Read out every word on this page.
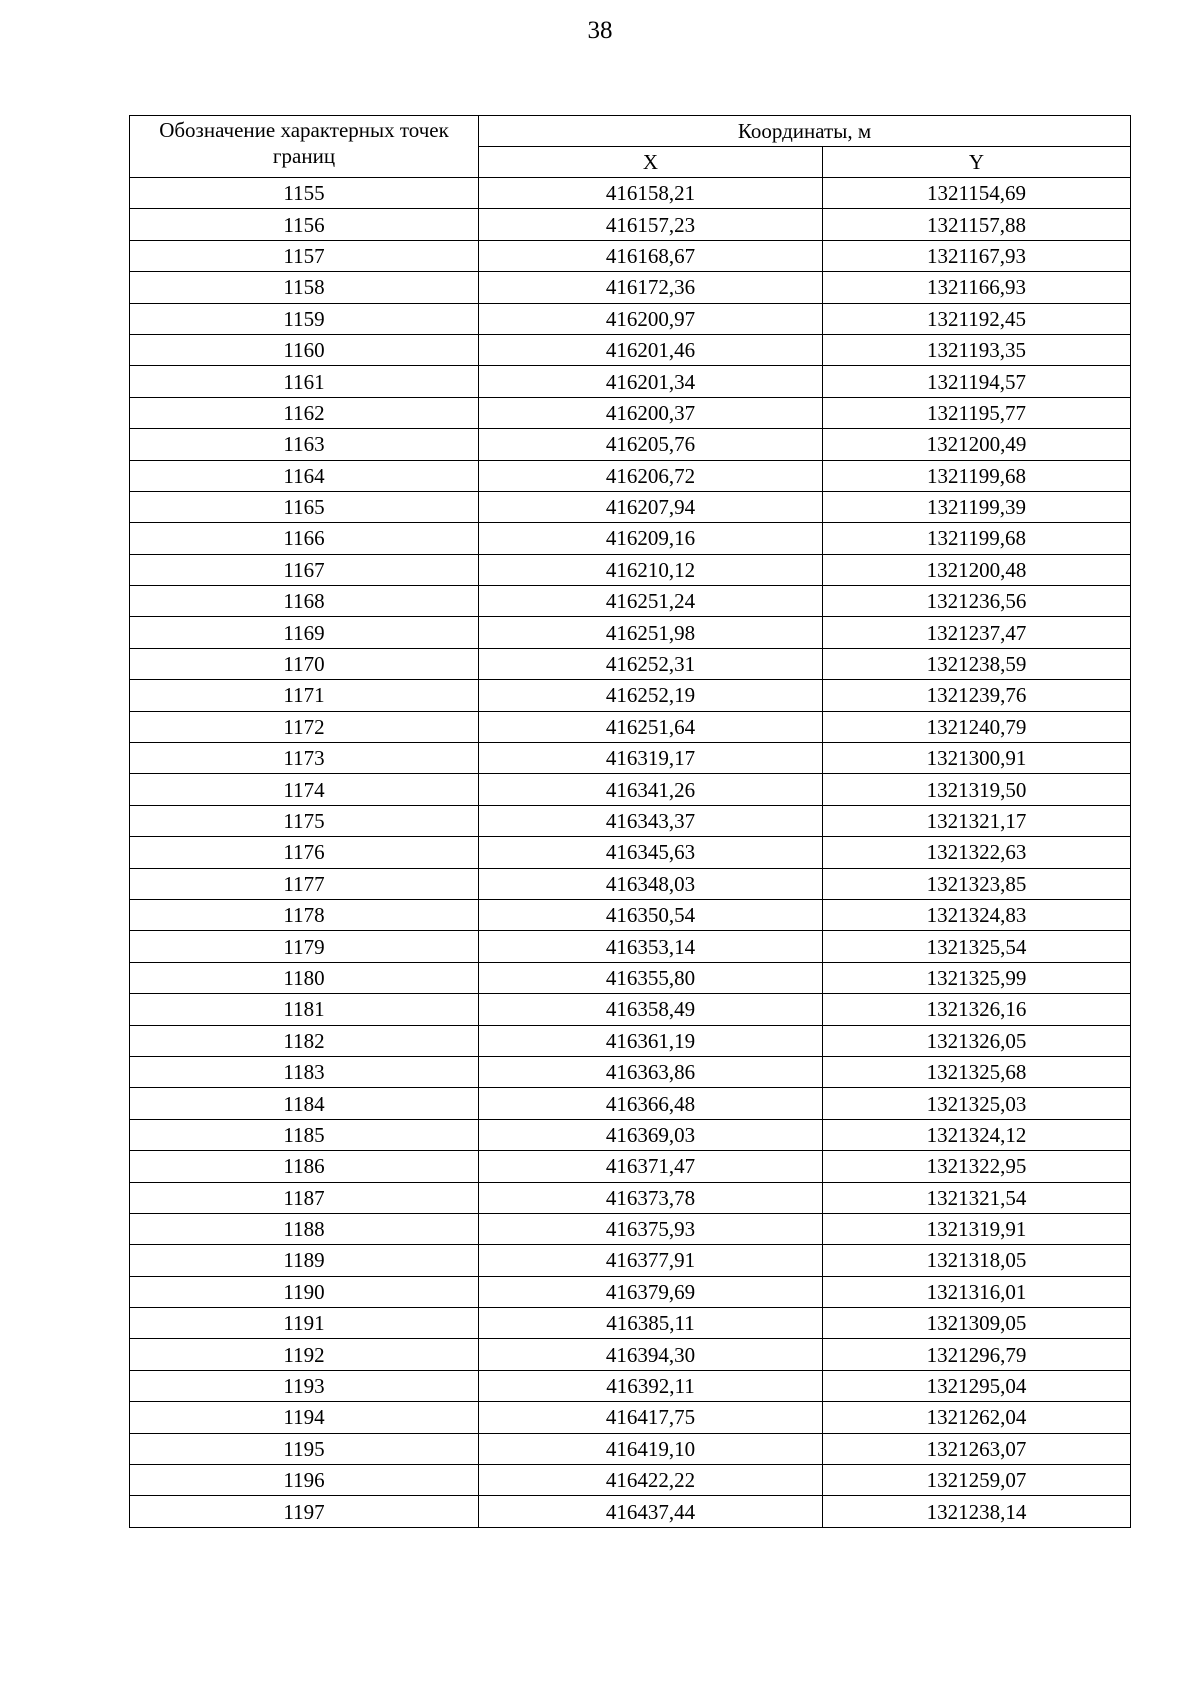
38
Обозначение характерных точек границ	Координаты, м	
	X	Y
1155	416158,21	1321154,69
1156	416157,23	1321157,88
1157	416168,67	1321167,93
1158	416172,36	1321166,93
1159	416200,97	1321192,45
1160	416201,46	1321193,35
1161	416201,34	1321194,57
1162	416200,37	1321195,77
1163	416205,76	1321200,49
1164	416206,72	1321199,68
1165	416207,94	1321199,39
1166	416209,16	1321199,68
1167	416210,12	1321200,48
1168	416251,24	1321236,56
1169	416251,98	1321237,47
1170	416252,31	1321238,59
1171	416252,19	1321239,76
1172	416251,64	1321240,79
1173	416319,17	1321300,91
1174	416341,26	1321319,50
1175	416343,37	1321321,17
1176	416345,63	1321322,63
1177	416348,03	1321323,85
1178	416350,54	1321324,83
1179	416353,14	1321325,54
1180	416355,80	1321325,99
1181	416358,49	1321326,16
1182	416361,19	1321326,05
1183	416363,86	1321325,68
1184	416366,48	1321325,03
1185	416369,03	1321324,12
1186	416371,47	1321322,95
1187	416373,78	1321321,54
1188	416375,93	1321319,91
1189	416377,91	1321318,05
1190	416379,69	1321316,01
1191	416385,11	1321309,05
1192	416394,30	1321296,79
1193	416392,11	1321295,04
1194	416417,75	1321262,04
1195	416419,10	1321263,07
1196	416422,22	1321259,07
1197	416437,44	1321238,14
